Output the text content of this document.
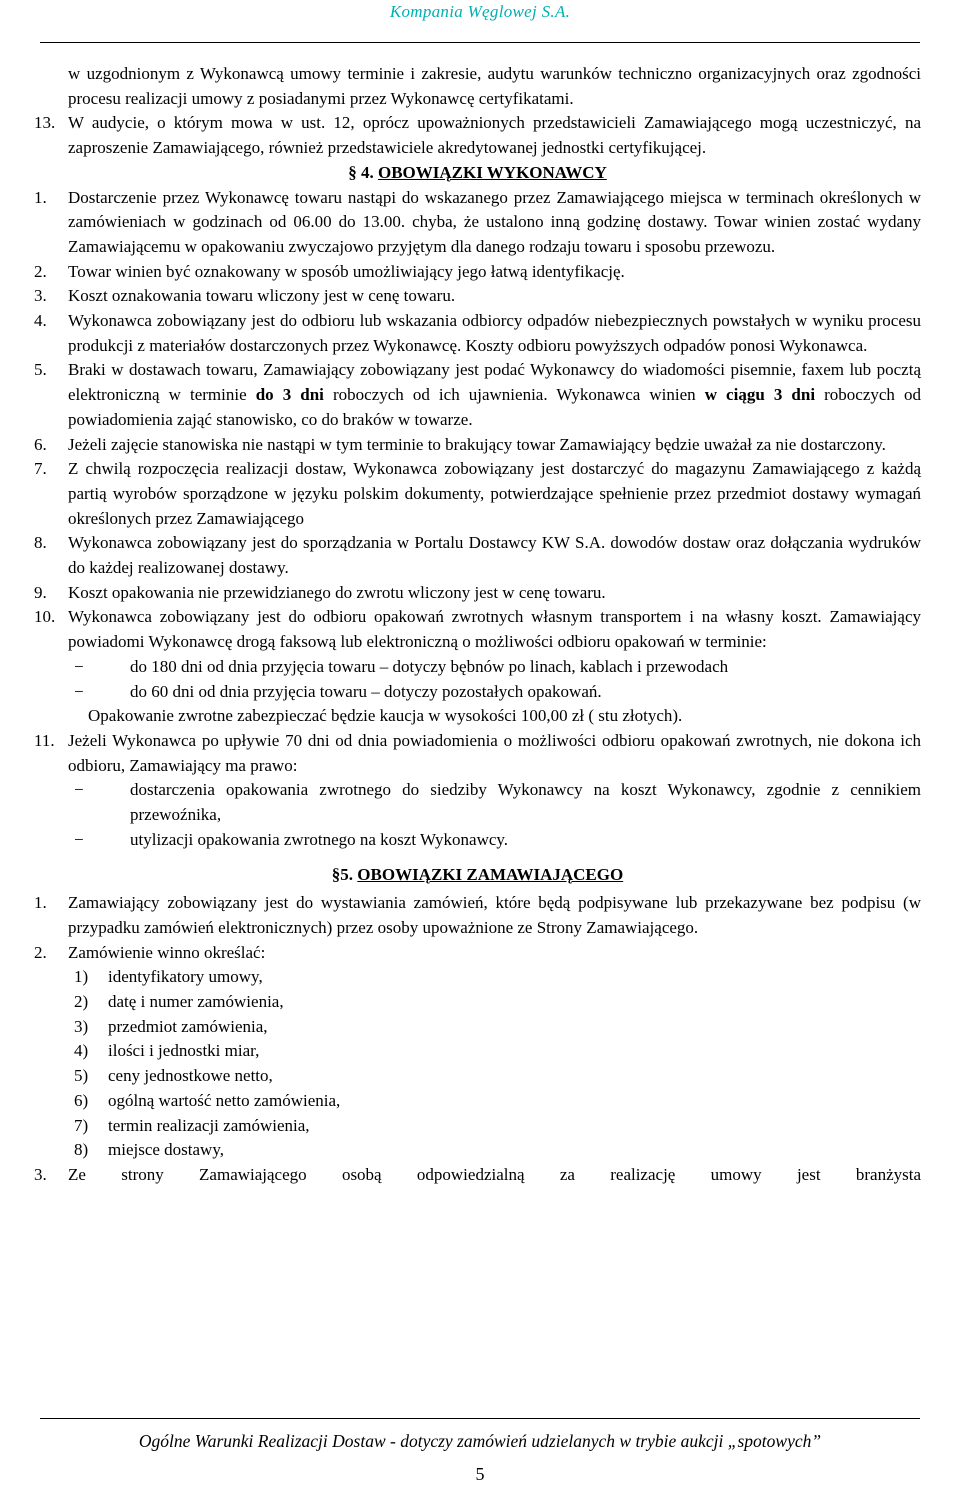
Kompania Węglowej S.A.
w uzgodnionym z Wykonawcą umowy terminie i zakresie, audytu warunków techniczno organizacyjnych oraz zgodności procesu realizacji umowy z posiadanymi przez Wykonawcę certyfikatami.
13. W audycie, o którym mowa w ust. 12, oprócz upoważnionych przedstawicieli Zamawiającego mogą uczestniczyć, na zaproszenie Zamawiającego, również przedstawiciele akredytowanej jednostki certyfikującej.
§ 4. OBOWIĄZKI WYKONAWCY
1.	Dostarczenie przez Wykonawcę towaru nastąpi do wskazanego przez Zamawiającego miejsca w terminach określonych w zamówieniach w godzinach od 06.00 do 13.00. chyba, że ustalono inną godzinę dostawy. Towar winien zostać wydany Zamawiającemu w opakowaniu zwyczajowo przyjętym dla danego rodzaju towaru i sposobu przewozu.
2.	Towar winien być oznakowany w sposób umożliwiający jego łatwą identyfikację.
3.	Koszt oznakowania towaru wliczony jest w cenę towaru.
4.	Wykonawca zobowiązany jest do odbioru lub wskazania odbiorcy odpadów niebezpiecznych powstałych w wyniku procesu produkcji z materiałów dostarczonych przez Wykonawcę. Koszty odbioru powyższych odpadów ponosi Wykonawca.
5.	Braki w dostawach towaru, Zamawiający zobowiązany jest podać Wykonawcy do wiadomości pisemnie, faxem lub pocztą elektroniczną w terminie do 3 dni roboczych od ich ujawnienia. Wykonawca winien w ciągu 3 dni roboczych od powiadomienia zająć stanowisko, co do braków w towarze.
6.	Jeżeli zajęcie stanowiska nie nastąpi w tym terminie to brakujący towar Zamawiający będzie uważał za nie dostarczony.
7.	Z chwilą rozpoczęcia realizacji dostaw, Wykonawca zobowiązany jest dostarczyć do magazynu Zamawiającego z każdą partią wyrobów sporządzone w języku polskim dokumenty, potwierdzające spełnienie przez przedmiot dostawy wymagań określonych przez Zamawiającego
8.	Wykonawca zobowiązany jest do sporządzania w Portalu Dostawcy KW S.A. dowodów dostaw oraz dołączania wydruków do każdej realizowanej dostawy.
9.	Koszt opakowania nie przewidzianego do zwrotu wliczony jest w cenę towaru.
10. Wykonawca zobowiązany jest do odbioru opakowań zwrotnych własnym transportem i na własny koszt. Zamawiający powiadomi Wykonawcę drogą faksową lub elektroniczną o możliwości odbioru opakowań w terminie:
−	do 180 dni od dnia przyjęcia towaru – dotyczy bębnów po linach, kablach i przewodach
−	do 60 dni od dnia przyjęcia towaru – dotyczy pozostałych opakowań.
Opakowanie zwrotne zabezpieczać będzie kaucja w wysokości 100,00 zł ( stu złotych).
11. Jeżeli Wykonawca po upływie 70 dni od dnia powiadomienia o możliwości odbioru opakowań zwrotnych, nie dokona ich odbioru, Zamawiający ma prawo:
−	dostarczenia opakowania zwrotnego do siedziby Wykonawcy na koszt Wykonawcy, zgodnie z cennikiem przewoźnika,
−	utylizacji opakowania zwrotnego na koszt Wykonawcy.
§5. OBOWIĄZKI ZAMAWIAJĄCEGO
1.	Zamawiający zobowiązany jest do wystawiania zamówień, które będą podpisywane lub przekazywane bez podpisu (w przypadku zamówień elektronicznych) przez osoby upoważnione ze Strony Zamawiającego.
2.	Zamówienie winno określać:
1)	identyfikatory umowy,
2)	datę i numer zamówienia,
3)	przedmiot zamówienia,
4)	ilości i jednostki miar,
5)	ceny jednostkowe netto,
6)	ogólną wartość netto zamówienia,
7)	termin realizacji zamówienia,
8)	miejsce dostawy,
3.	Ze strony Zamawiającego osobą odpowiedzialną za realizację umowy jest branżysta
Ogólne Warunki Realizacji Dostaw - dotyczy zamówień udzielanych w trybie aukcji „spotowych”
5
